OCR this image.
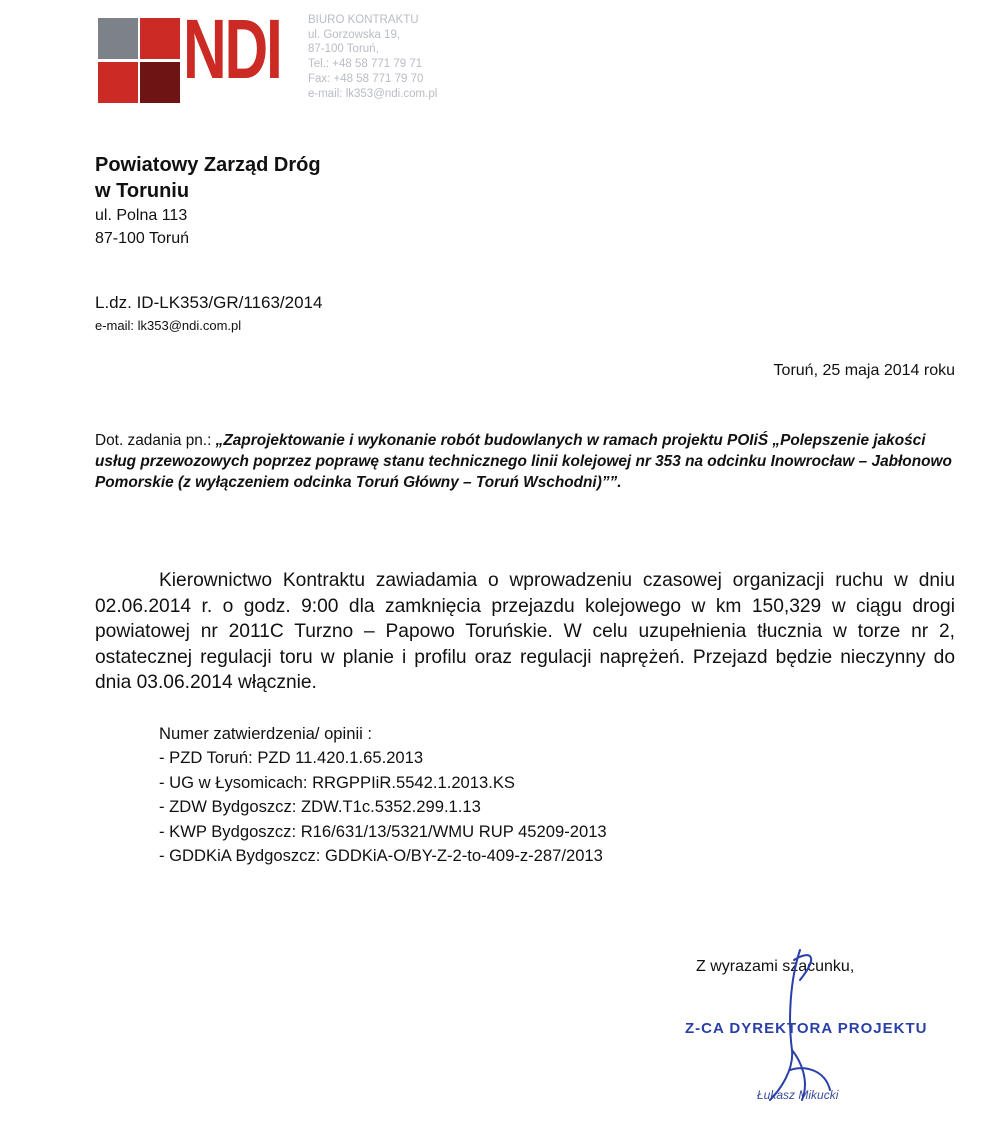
NDI BIURO KONTRAKTU
ul. Gorzowska 19,
87-100 Toruń,
Tel.: +48 58 771 79 71
Fax: +48 58 771 79 70
e-mail: lk353@ndi.com.pl
Powiatowy Zarząd Dróg
w Toruniu
ul. Polna 113
87-100 Toruń
L.dz. ID-LK353/GR/1163/2014
e-mail: lk353@ndi.com.pl
Toruń, 25 maja 2014 roku
Dot. zadania pn.: „Zaprojektowanie i wykonanie robót budowlanych w ramach projektu POIiŚ „Polepszenie jakości usług przewozowych poprzez poprawę stanu technicznego linii kolejowej nr 353 na odcinku Inowrocław – Jabłonowo Pomorskie (z wyłączeniem odcinka Toruń Główny – Toruń Wschodni)””.
Kierownictwo Kontraktu zawiadamia o wprowadzeniu czasowej organizacji ruchu w dniu 02.06.2014 r. o godz. 9:00 dla zamknięcia przejazdu kolejowego w km 150,329 w ciągu drogi powiatowej nr 2011C Turzno – Papowo Toruńskie. W celu uzupełnienia tłucznia w torze nr 2, ostatecznej regulacji toru w planie i profilu oraz regulacji naprężeń. Przejazd będzie nieczynny do dnia 03.06.2014 włącznie.
Numer zatwierdzenia/ opinii :
- PZD Toruń: PZD 11.420.1.65.2013
- UG w Łysomicach: RRGPPIiR.5542.1.2013.KS
- ZDW Bydgoszcz: ZDW.T1c.5352.299.1.13
- KWP Bydgoszcz: R16/631/13/5321/WMU RUP 45209-2013
- GDDKiA Bydgoszcz: GDDKiA-O/BY-Z-2-to-409-z-287/2013
Z wyrazami szacunku,
Z-CA DYREKTORA PROJEKTU
Łukasz Mikucki
